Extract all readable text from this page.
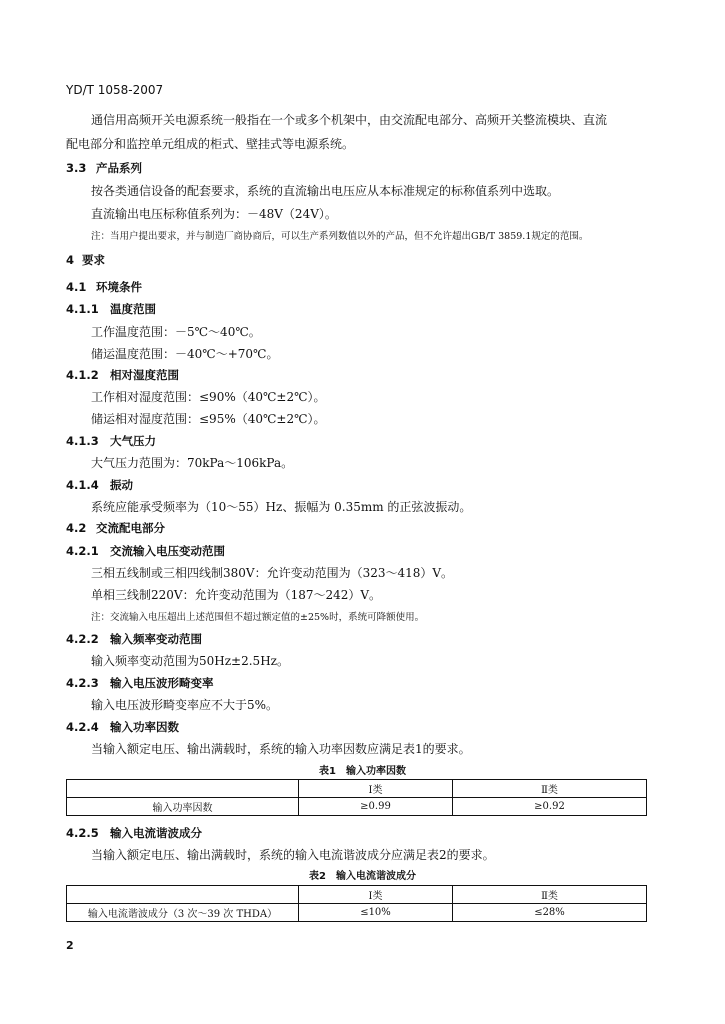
YD/T 1058-2007
通信用高频开关电源系统一般指在一个或多个机架中，由交流配电部分、高频开关整流模块、直流
配电部分和监控单元组成的柜式、壁挂式等电源系统。
3.3 产品系列
按各类通信设备的配套要求，系统的直流输出电压应从本标准规定的标称值系列中选取。
直流输出电压标称值系列为：－48V（24V）。
注：当用户提出要求，并与制造厂商协商后，可以生产系列数值以外的产品，但不允许超出GB/T 3859.1规定的范围。
4 要求
4.1 环境条件
4.1.1 温度范围
工作温度范围：－5℃～40℃。
储运温度范围：－40℃～+70℃。
4.1.2 相对湿度范围
工作相对湿度范围：≤90%（40℃±2℃）。
储运相对湿度范围：≤95%（40℃±2℃）。
4.1.3 大气压力
大气压力范围为：70kPa～106kPa。
4.1.4 振动
系统应能承受频率为（10～55）Hz、振幅为 0.35mm 的正弦波振动。
4.2 交流配电部分
4.2.1 交流输入电压变动范围
三相五线制或三相四线制380V：允许变动范围为（323～418）V。
单相三线制220V：允许变动范围为（187～242）V。
注：交流输入电压超出上述范围但不超过额定值的±25%时，系统可降额使用。
4.2.2 输入频率变动范围
输入频率变动范围为50Hz±2.5Hz。
4.2.3 输入电压波形畸变率
输入电压波形畸变率应不大于5%。
4.2.4 输入功率因数
当输入额定电压、输出满载时，系统的输入功率因数应满足表1的要求。
表1　输入功率因数
	Ⅰ类	Ⅱ类
输入功率因数	≥0.99	≥0.92
4.2.5 输入电流谐波成分
当输入额定电压、输出满载时，系统的输入电流谐波成分应满足表2的要求。
表2　输入电流谐波成分
	Ⅰ类	Ⅱ类
输入电流谐波成分（3 次～39 次 THDA）	≤10%	≤28%
2
